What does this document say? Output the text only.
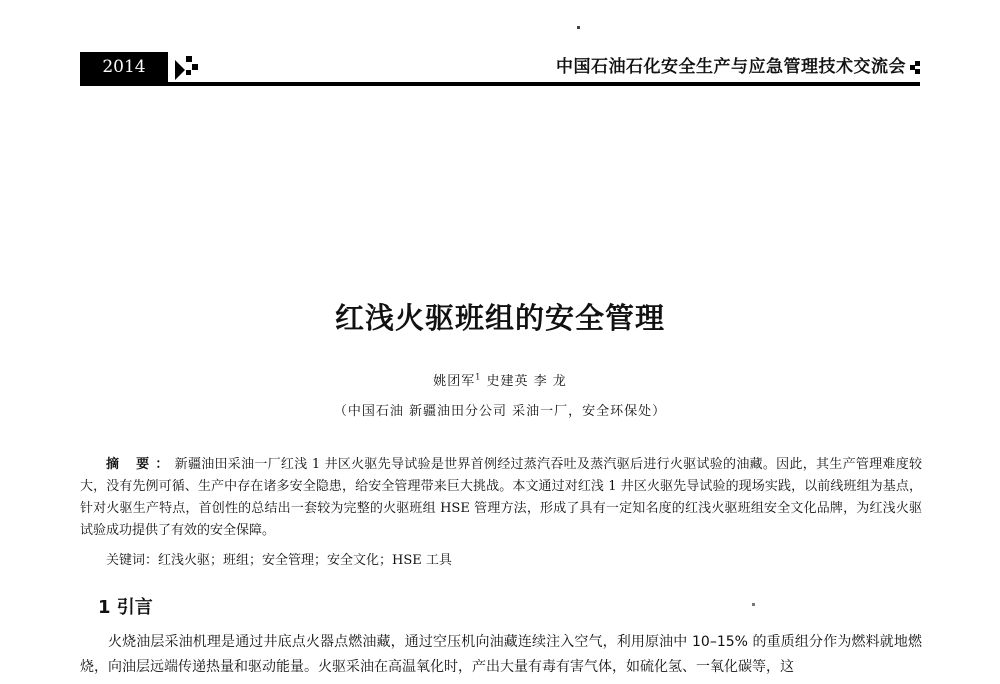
2014	中国石油石化安全生产与应急管理技术交流会
红浅火驱班组的安全管理
姚团军$^1$ 史建英 李 龙
（中国石油 新疆油田分公司 采油一厂，安全环保处）

摘 要：新疆油田采油一厂红浅 1 井区火驱先导试验是世界首例经过蒸汽吞吐及蒸汽驱后进行火驱试验的油藏。因此，其生产管理难度较大，没有先例可循、生产中存在诸多安全隐患，给安全管理带来巨大挑战。本文通过对红浅 1 井区火驱先导试验的现场实践，以前线班组为基点，针对火驱生产特点，首创性的总结出一套较为完整的火驱班组 HSE 管理方法，形成了具有一定知名度的红浅火驱班组安全文化品牌，为红浅火驱试验成功提供了有效的安全保障。

关键词：红浅火驱；班组；安全管理；安全文化；HSE 工具
1 引言

火烧油层采油机理是通过井底点火器点燃油藏，通过空压机向油藏连续注入空气，利用原油中 10–15% 的重质组分作为燃料就地燃烧，向油层远端传递热量和驱动能量。火驱采油在高温氧化时，产出大量有毒有害气体，如硫化氢、一氧化碳等，这
